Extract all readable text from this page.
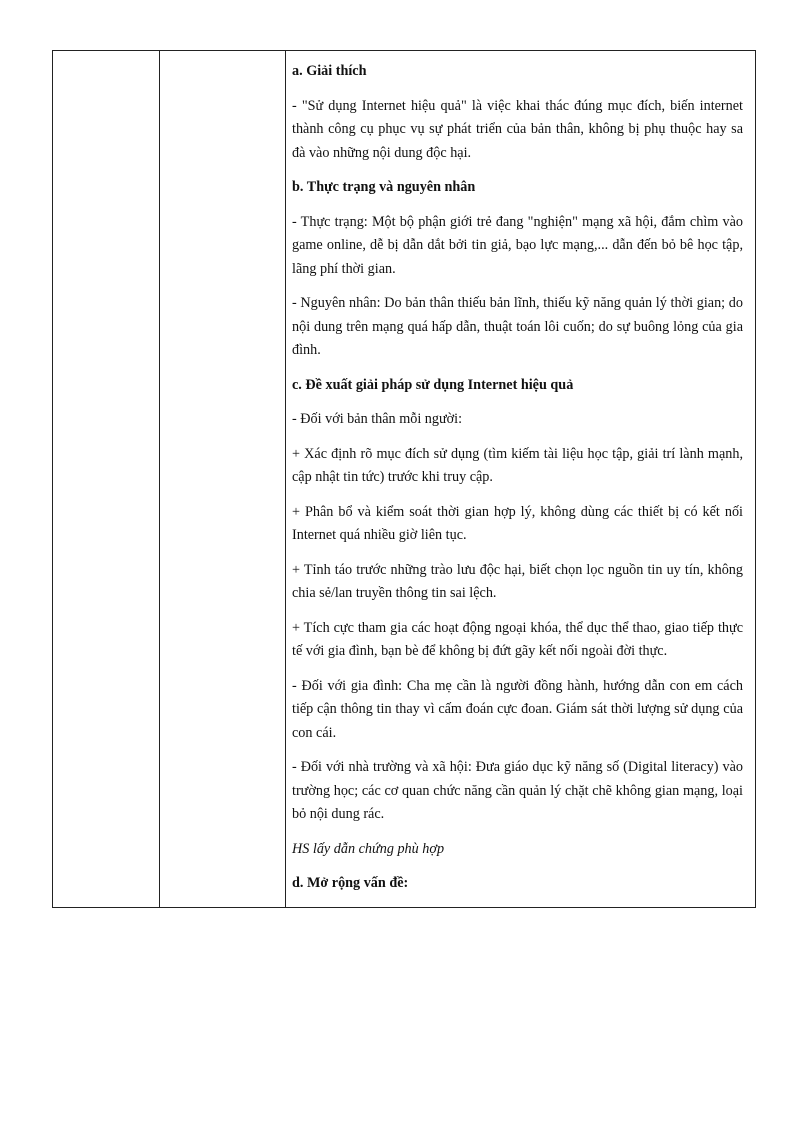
a. Giải thích

- "Sử dụng Internet hiệu quả" là việc khai thác đúng mục đích, biến internet thành công cụ phục vụ sự phát triển của bản thân, không bị phụ thuộc hay sa đà vào những nội dung độc hại.

b. Thực trạng và nguyên nhân

- Thực trạng: Một bộ phận giới trẻ đang "nghiện" mạng xã hội, đắm chìm vào game online, dễ bị dẫn dắt bởi tin giả, bạo lực mạng,... dẫn đến bỏ bê học tập, lãng phí thời gian.

- Nguyên nhân: Do bản thân thiếu bản lĩnh, thiếu kỹ năng quản lý thời gian; do nội dung trên mạng quá hấp dẫn, thuật toán lôi cuốn; do sự buông lỏng của gia đình.

c. Đề xuất giải pháp sử dụng Internet hiệu quả

- Đối với bản thân mỗi người:

+ Xác định rõ mục đích sử dụng (tìm kiếm tài liệu học tập, giải trí lành mạnh, cập nhật tin tức) trước khi truy cập.

+ Phân bổ và kiểm soát thời gian hợp lý, không dùng các thiết bị có kết nối Internet quá nhiều giờ liên tục.

+ Tỉnh táo trước những trào lưu độc hại, biết chọn lọc nguồn tin uy tín, không chia sẻ/lan truyền thông tin sai lệch.

+ Tích cực tham gia các hoạt động ngoại khóa, thể dục thể thao, giao tiếp thực tế với gia đình, bạn bè để không bị đứt gãy kết nối ngoài đời thực.

- Đối với gia đình: Cha mẹ cần là người đồng hành, hướng dẫn con em cách tiếp cận thông tin thay vì cấm đoán cực đoan. Giám sát thời lượng sử dụng của con cái.

- Đối với nhà trường và xã hội: Đưa giáo dục kỹ năng số (Digital literacy) vào trường học; các cơ quan chức năng cần quản lý chặt chẽ không gian mạng, loại bỏ nội dung rác.

HS lấy dẫn chứng phù hợp

d. Mở rộng vấn đề:
